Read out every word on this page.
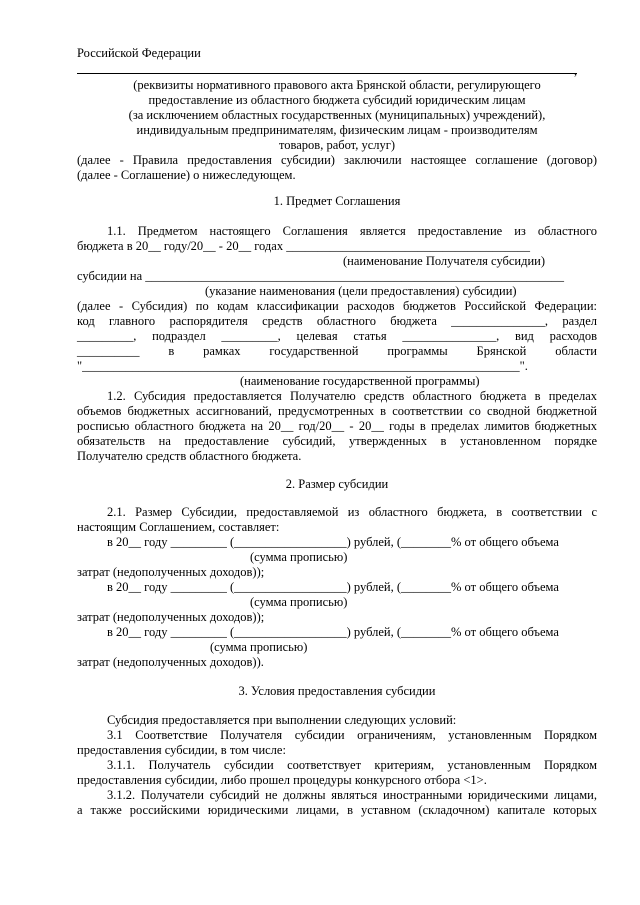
Российской Федерации
,
(реквизиты нормативного правового акта Брянской области, регулирующего
предоставление из областного бюджета субсидий юридическим лицам
(за исключением областных государственных (муниципальных) учреждений),
индивидуальным предпринимателям, физическим лицам - производителям
товаров, работ, услуг)
(далее - Правила предоставления субсидии) заключили настоящее соглашение (договор)
(далее - Соглашение) о нижеследующем.
1. Предмет Соглашения
1.1. Предметом настоящего Соглашения является предоставление из областного
бюджета в 20__ году/20__ - 20__ годах _______________________________________
(наименование Получателя субсидии)
субсидии на ___________________________________________________________________
(указание наименования (цели предоставления) субсидии)
(далее - Субсидия) по кодам классификации расходов бюджетов Российской Федерации:
код главного распорядителя средств областного бюджета _______________, раздел
_________, подраздел _________, целевая статья _______________, вид расходов
__________ в рамках государственной программы Брянской области
"______________________________________________________________________".
(наименование государственной программы)
1.2. Субсидия предоставляется Получателю средств областного бюджета в пределах
объемов бюджетных ассигнований, предусмотренных в соответствии со сводной бюджетной
росписью областного бюджета на 20__ год/20__ - 20__ годы в пределах лимитов бюджетных
обязательств на предоставление субсидий, утвержденных в установленном порядке
Получателю средств областного бюджета.
2. Размер субсидии
2.1. Размер Субсидии, предоставляемой из областного бюджета, в соответствии с
настоящим Соглашением, составляет:
в 20__ году _________ (__________________) рублей, (________% от общего объема
(сумма прописью)
затрат (недополученных доходов));
в 20__ году _________ (__________________) рублей, (________% от общего объема
(сумма прописью)
затрат (недополученных доходов));
в 20__ году _________ (__________________) рублей, (________% от общего объема
(сумма прописью)
затрат (недополученных доходов)).
3. Условия предоставления субсидии
Субсидия предоставляется при выполнении следующих условий:
3.1 Соответствие Получателя субсидии ограничениям, установленным Порядком
предоставления субсидии, в том числе:
3.1.1. Получатель субсидии соответствует критериям, установленным Порядком
предоставления субсидии, либо прошел процедуры конкурсного отбора <1>.
3.1.2. Получатели субсидий не должны являться иностранными юридическими лицами,
а также российскими юридическими лицами, в уставном (складочном) капитале которых
